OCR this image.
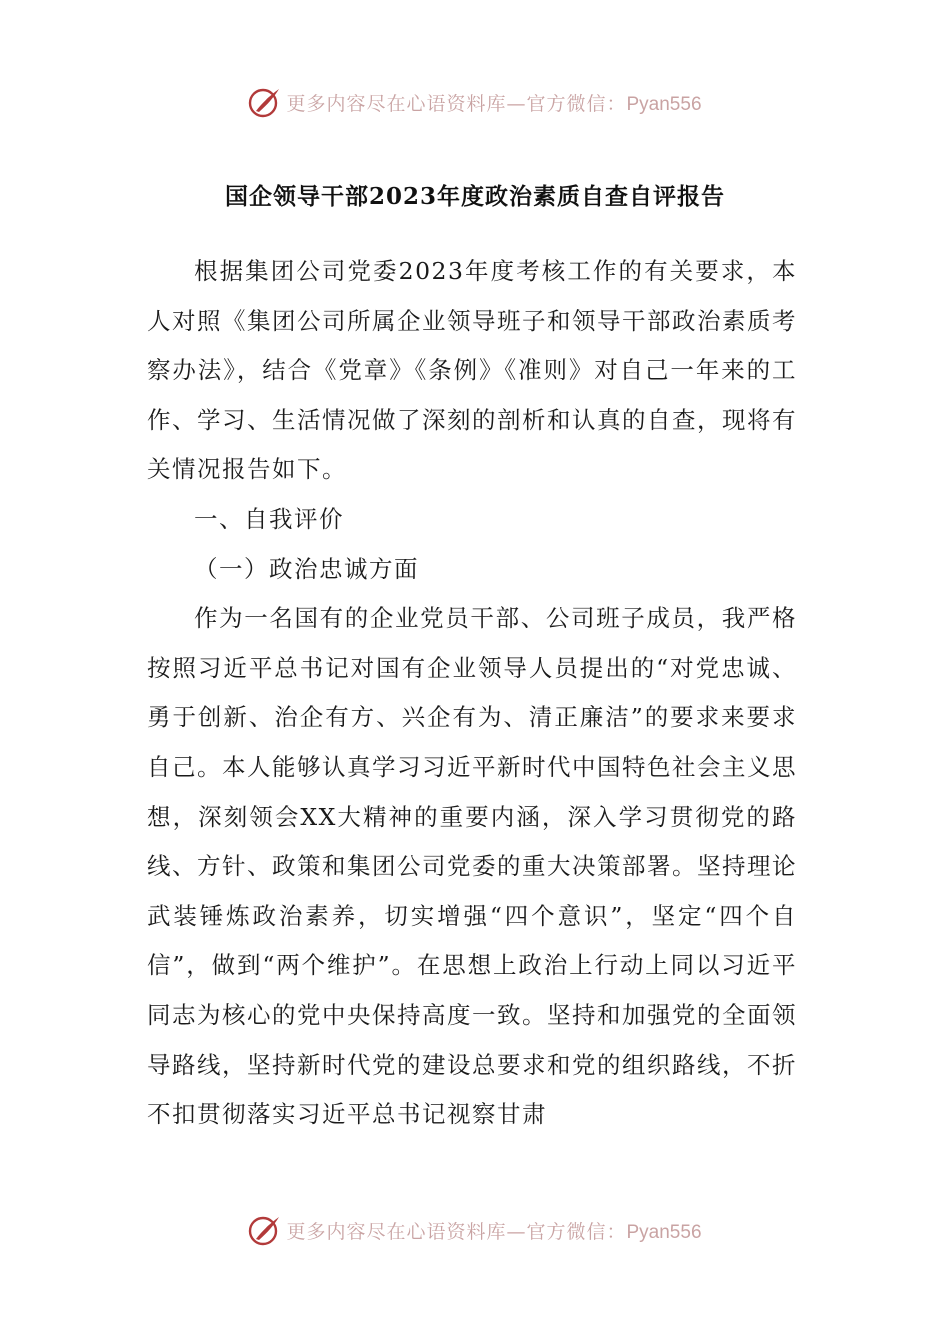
更多内容尽在心语资料库—官方微信：Pyan556
国企领导干部2023年度政治素质自查自评报告

根据集团公司党委2023年度考核工作的有关要求，本人对照《集团公司所属企业领导班子和领导干部政治素质考察办法》，结合《党章》《条例》《准则》对自己一年来的工作、学习、生活情况做了深刻的剖析和认真的自查，现将有关情况报告如下。

一、自我评价

（一）政治忠诚方面

作为一名国有的企业党员干部、公司班子成员，我严格按照习近平总书记对国有企业领导人员提出的“对党忠诚、勇于创新、治企有方、兴企有为、清正廉洁”的要求来要求自己。本人能够认真学习习近平新时代中国特色社会主义思想，深刻领会XX大精神的重要内涵，深入学习贯彻党的路线、方针、政策和集团公司党委的重大决策部署。坚持理论武装锤炼政治素养，切实增强“四个意识”，坚定“四个自信”，做到“两个维护”。在思想上政治上行动上同以习近平同志为核心的党中央保持高度一致。坚持和加强党的全面领导路线，坚持新时代党的建设总要求和党的组织路线，不折不扣贯彻落实习近平总书记视察甘肃

更多内容尽在心语资料库—官方微信：Pyan556
